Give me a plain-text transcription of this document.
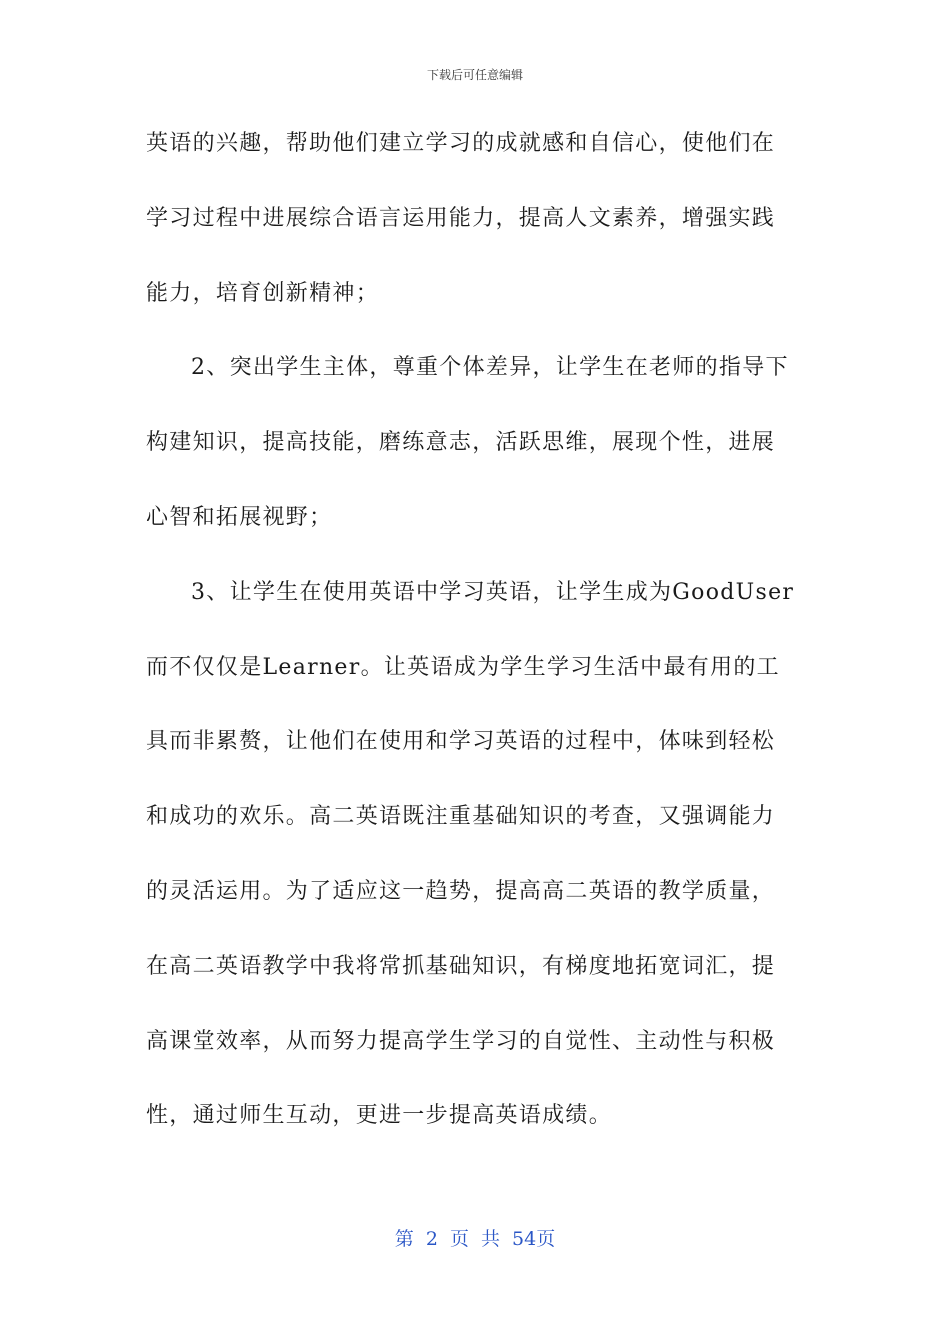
下载后可任意编辑
英语的兴趣，帮助他们建立学习的成就感和自信心，使他们在
学习过程中进展综合语言运用能力，提高人文素养，增强实践
能力，培育创新精神；
2、突出学生主体，尊重个体差异，让学生在老师的指导下
构建知识，提高技能，磨练意志，活跃思维，展现个性，进展
心智和拓展视野；
3、让学生在使用英语中学习英语，让学生成为GoodUser
而不仅仅是Learner。让英语成为学生学习生活中最有用的工
具而非累赘，让他们在使用和学习英语的过程中，体味到轻松
和成功的欢乐。高二英语既注重基础知识的考查，又强调能力
的灵活运用。为了适应这一趋势，提高高二英语的教学质量，
在高二英语教学中我将常抓基础知识，有梯度地拓宽词汇，提
高课堂效率，从而努力提高学生学习的自觉性、主动性与积极
性，通过师生互动，更进一步提高英语成绩。
第 2 页 共 54页
